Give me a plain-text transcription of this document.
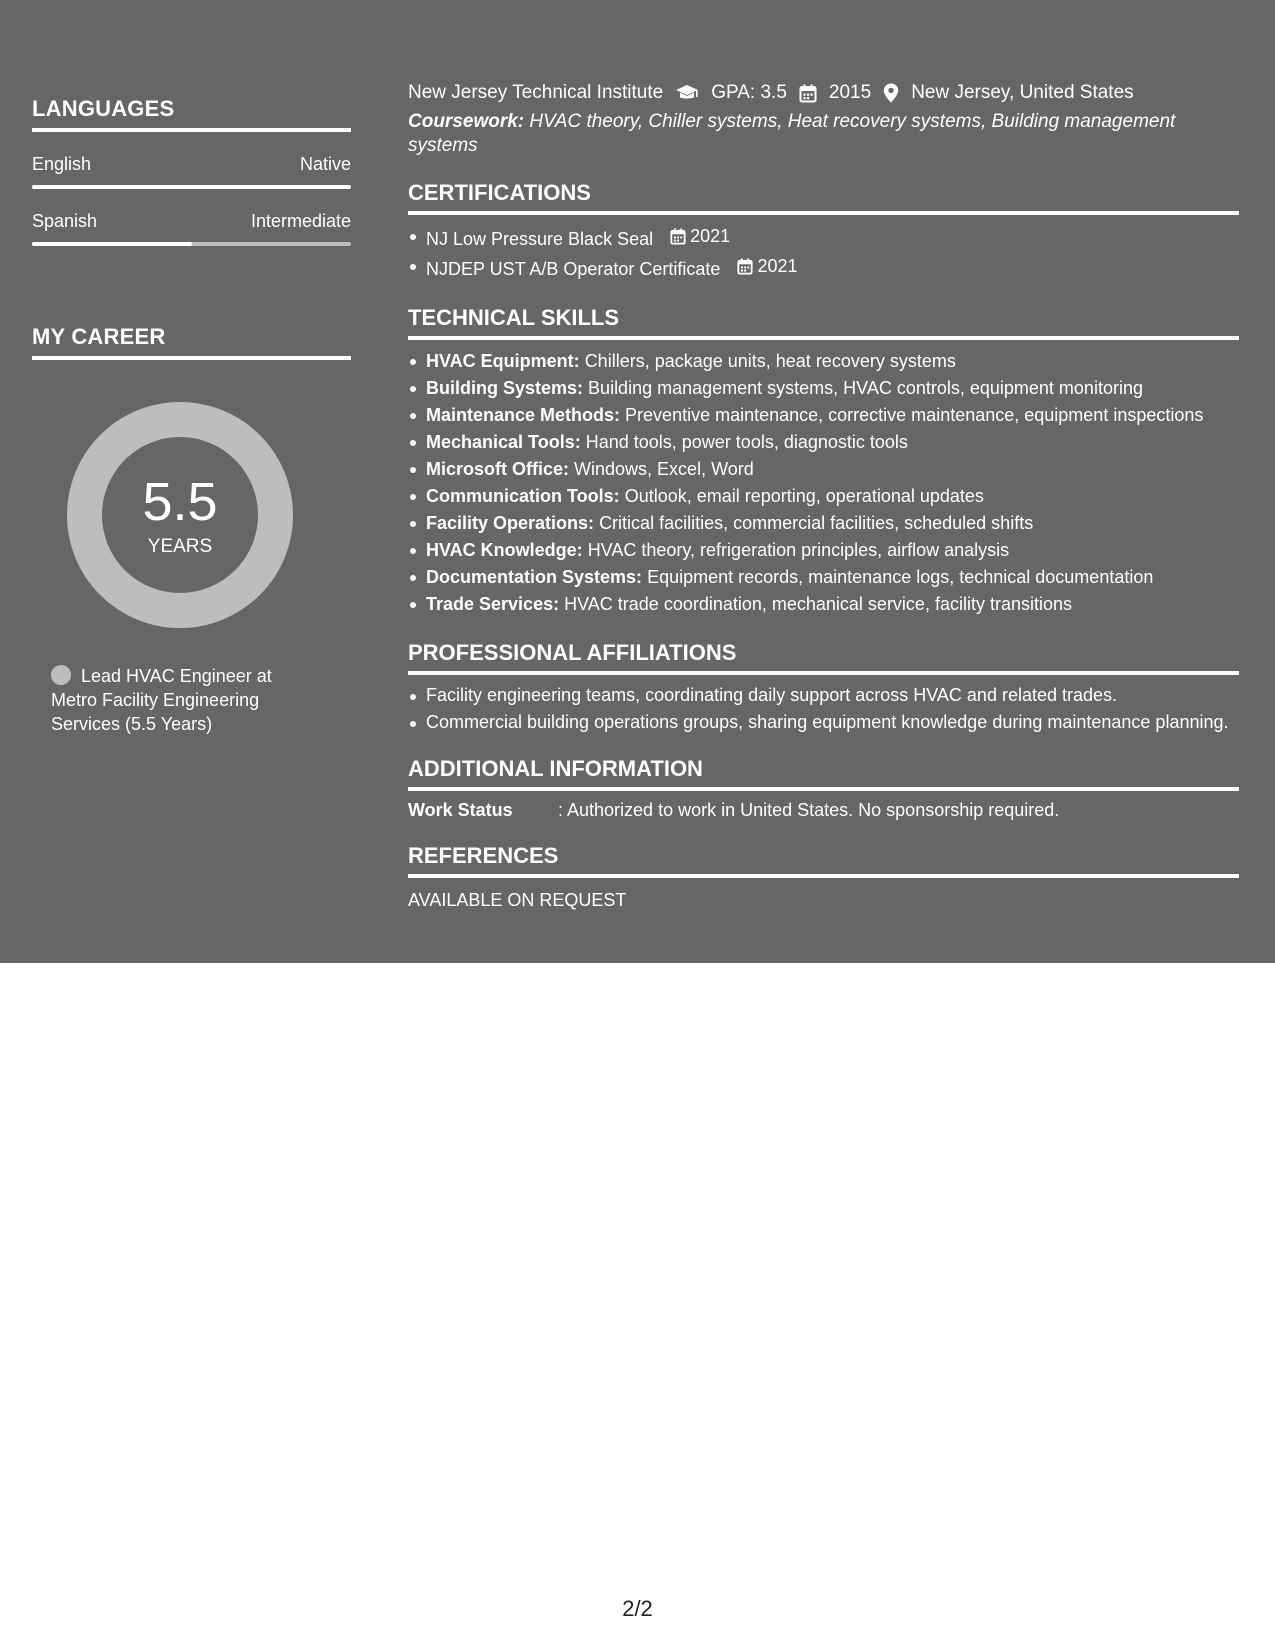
LANGUAGES
English	Native
Spanish	Intermediate
MY CAREER
5.5
YEARS
Lead HVAC Engineer at Metro Facility Engineering Services (5.5 Years)
New Jersey Technical Institute	GPA: 3.5 2015 New Jersey, United States
Coursework: HVAC theory, Chiller systems, Heat recovery systems, Building management systems
CERTIFICATIONS
NJ Low Pressure Black Seal 2021
NJDEP UST A/B Operator Certificate 2021
TECHNICAL SKILLS
HVAC Equipment: Chillers, package units, heat recovery systems
Building Systems: Building management systems, HVAC controls, equipment monitoring
Maintenance Methods: Preventive maintenance, corrective maintenance, equipment inspections
Mechanical Tools: Hand tools, power tools, diagnostic tools
Microsoft Office: Windows, Excel, Word
Communication Tools: Outlook, email reporting, operational updates
Facility Operations: Critical facilities, commercial facilities, scheduled shifts
HVAC Knowledge: HVAC theory, refrigeration principles, airflow analysis
Documentation Systems: Equipment records, maintenance logs, technical documentation
Trade Services: HVAC trade coordination, mechanical service, facility transitions
PROFESSIONAL AFFILIATIONS
Facility engineering teams, coordinating daily support across HVAC and related trades.
Commercial building operations groups, sharing equipment knowledge during maintenance planning.
ADDITIONAL INFORMATION
Work Status	: Authorized to work in United States. No sponsorship required.
REFERENCES
AVAILABLE ON REQUEST
2/2
